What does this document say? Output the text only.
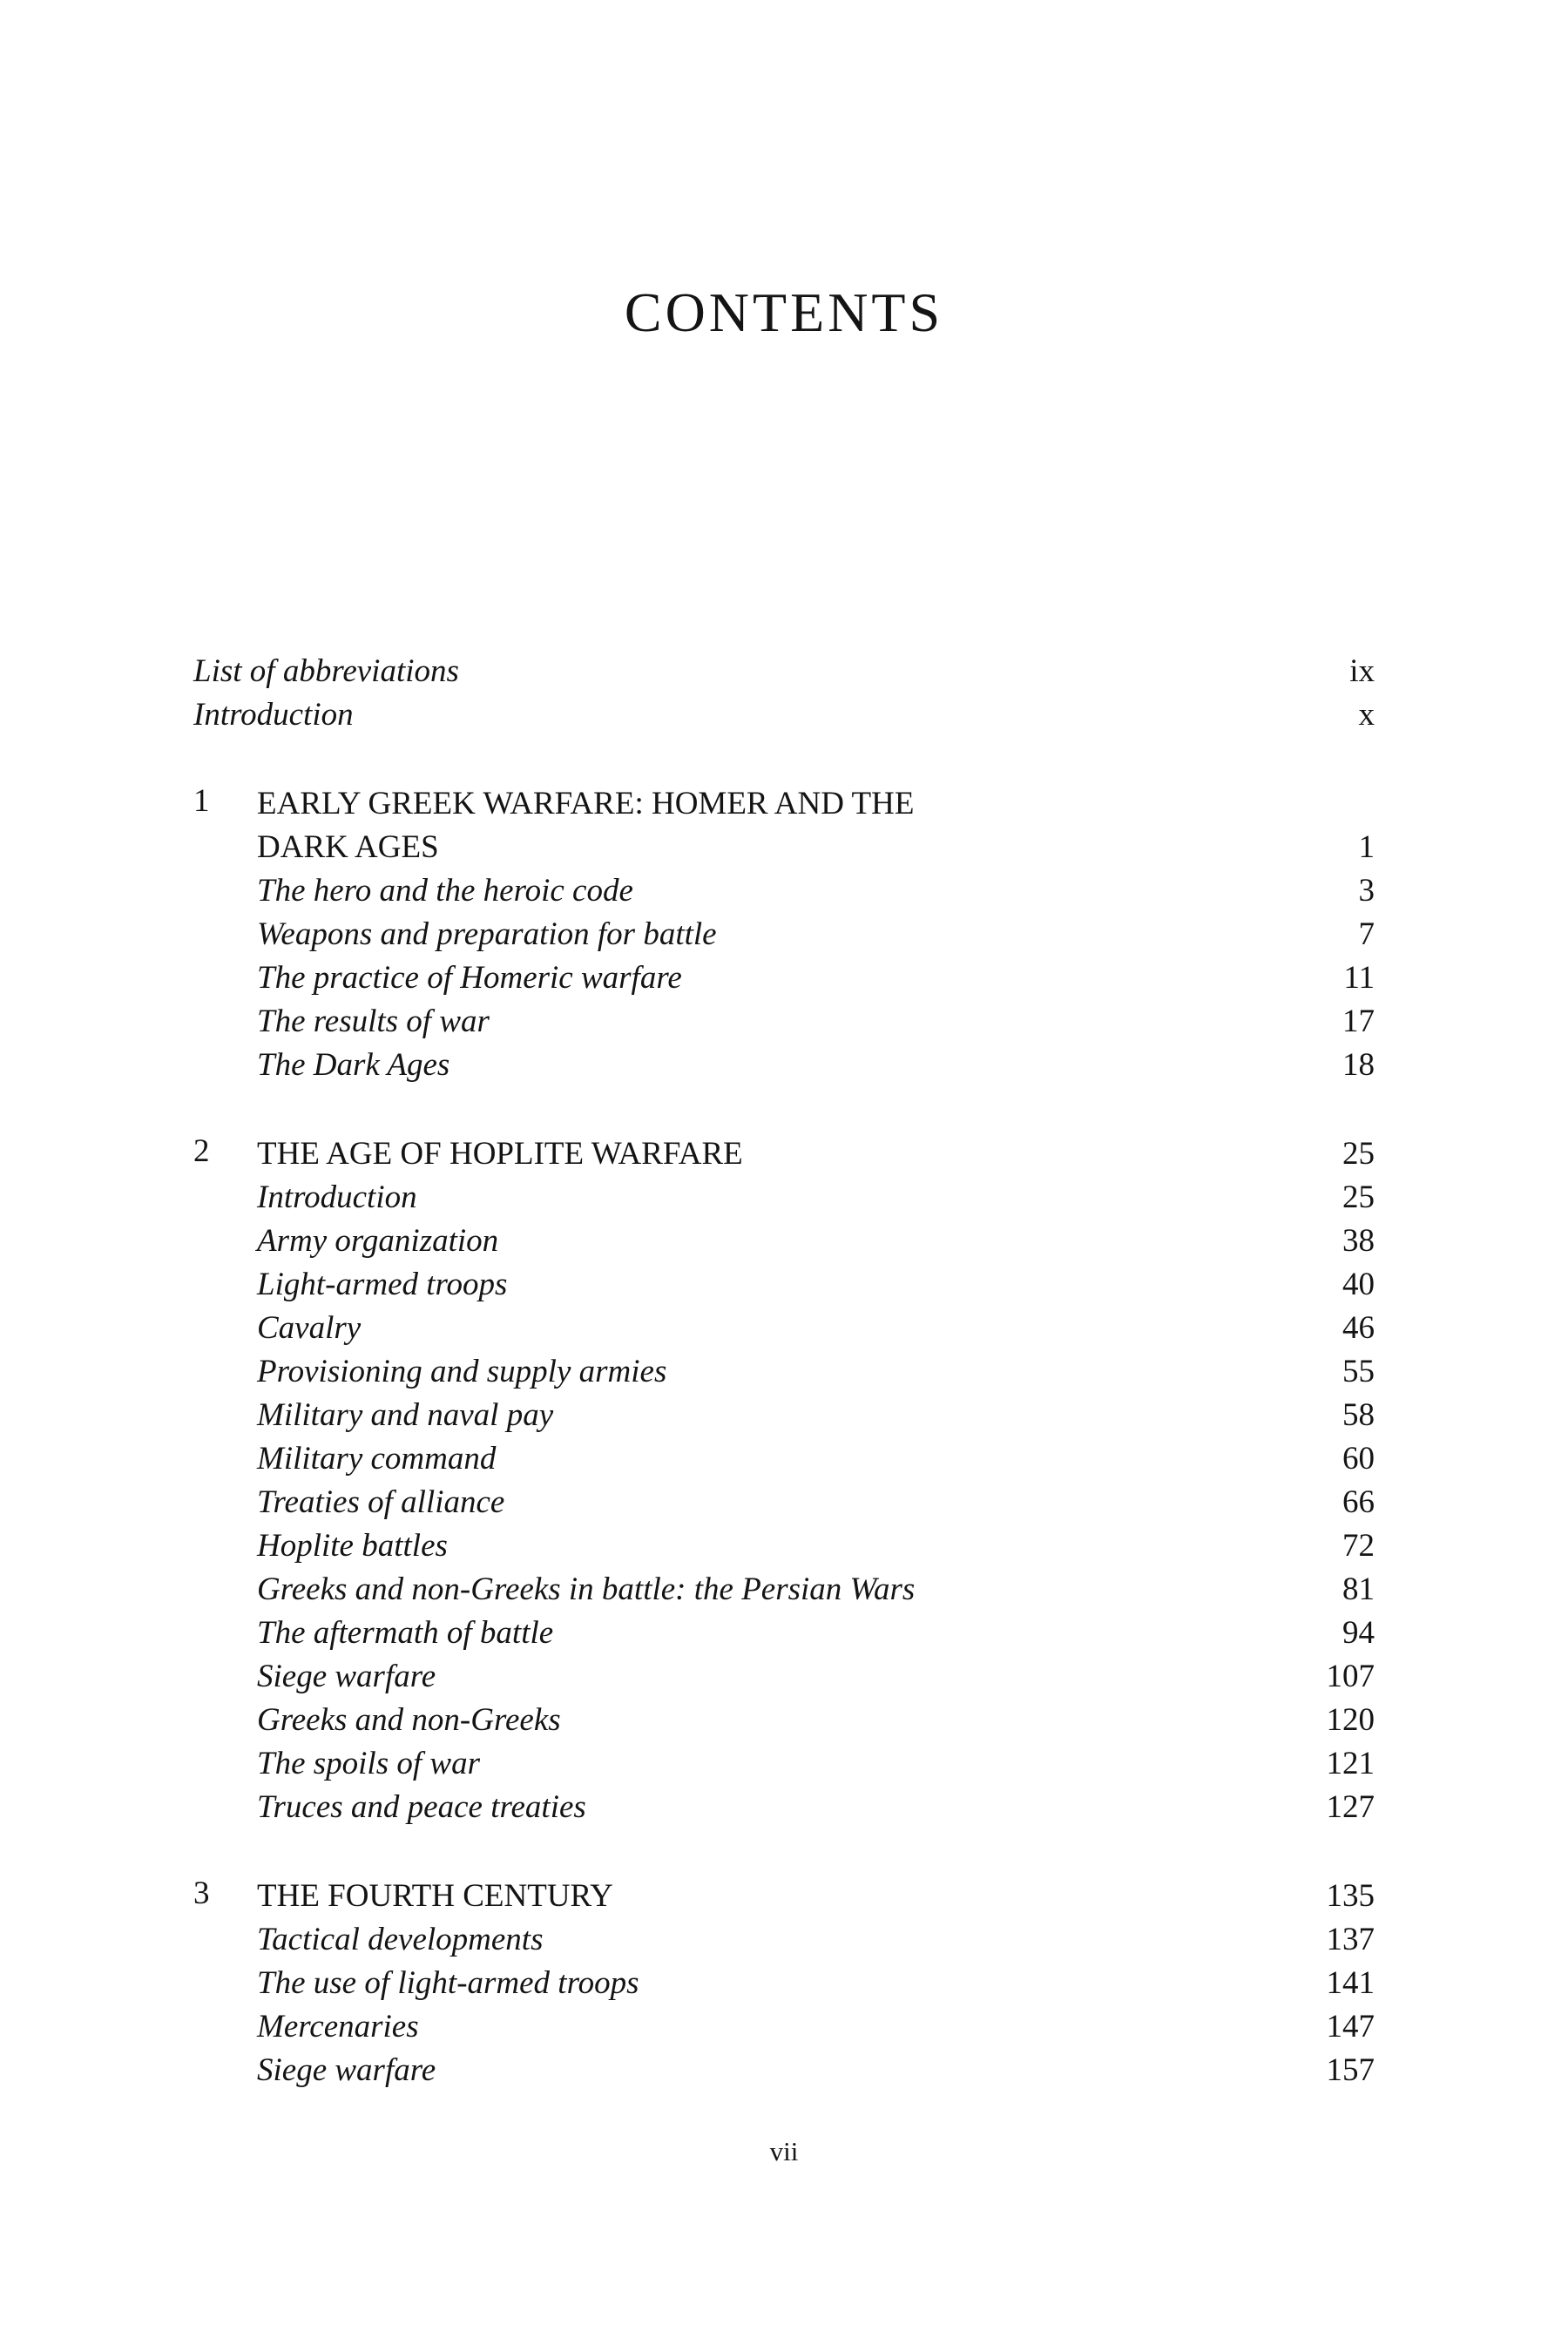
CONTENTS
List of abbreviations	ix
Introduction	x
1	EARLY GREEK WARFARE: HOMER AND THE
DARK AGES	1
The hero and the heroic code	3
Weapons and preparation for battle	7
The practice of Homeric warfare	11
The results of war	17
The Dark Ages	18
2	THE AGE OF HOPLITE WARFARE	25
Introduction	25
Army organization	38
Light-armed troops	40
Cavalry	46
Provisioning and supply armies	55
Military and naval pay	58
Military command	60
Treaties of alliance	66
Hoplite battles	72
Greeks and non-Greeks in battle: the Persian Wars	81
The aftermath of battle	94
Siege warfare	107
Greeks and non-Greeks	120
The spoils of war	121
Truces and peace treaties	127
3	THE FOURTH CENTURY	135
Tactical developments	137
The use of light-armed troops	141
Mercenaries	147
Siege warfare	157
vii
